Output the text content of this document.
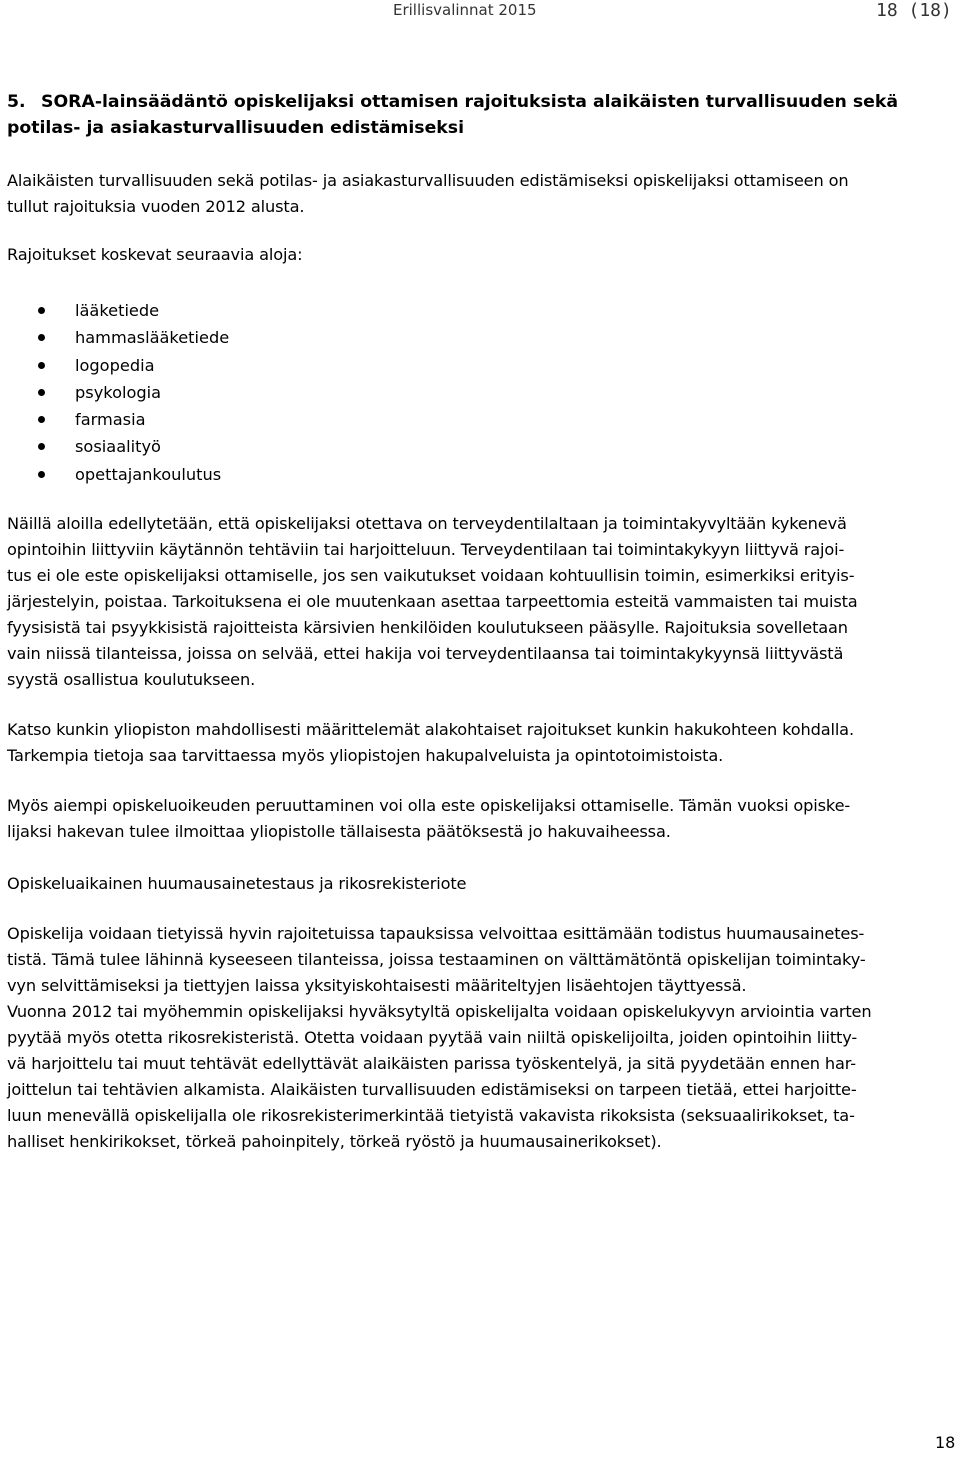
Erillisvalinnat 2015	18 (18)
5. SORA-lainsäädäntö opiskelijaksi ottamisen rajoituksista alaikäisten turvallisuuden sekä
potilas- ja asiakasturvallisuuden edistämiseksi
Alaikäisten turvallisuuden sekä potilas- ja asiakasturvallisuuden edistämiseksi opiskelijaksi ottamiseen on
tullut rajoituksia vuoden 2012 alusta.
Rajoitukset koskevat seuraavia aloja:
lääketiede
hammaslääketiede
logopedia
psykologia
farmasia
sosiaalityö
opettajankoulutus
Näillä aloilla edellytetään, että opiskelijaksi otettava on terveydentilaltaan ja toimintakyvyltään kykenevä
opintoihin liittyviin käytännön tehtäviin tai harjoitteluun. Terveydentilaan tai toimintakykyyn liittyvä rajoi-
tus ei ole este opiskelijaksi ottamiselle, jos sen vaikutukset voidaan kohtuullisin toimin, esimerkiksi erityis-
järjestelyin, poistaa. Tarkoituksena ei ole muutenkaan asettaa tarpeettomia esteitä vammaisten tai muista
fyysisistä tai psyykkisistä rajoitteista kärsivien henkilöiden koulutukseen pääsylle. Rajoituksia sovelletaan
vain niissä tilanteissa, joissa on selvää, ettei hakija voi terveydentilaansa tai toimintakykyynsä liittyvästä
syystä osallistua koulutukseen.
Katso kunkin yliopiston mahdollisesti määrittelemät alakohtaiset rajoitukset kunkin hakukohteen kohdalla.
Tarkempia tietoja saa tarvittaessa myös yliopistojen hakupalveluista ja opintotoimistoista.
Myös aiempi opiskeluoikeuden peruuttaminen voi olla este opiskelijaksi ottamiselle. Tämän vuoksi opiske-
lijaksi hakevan tulee ilmoittaa yliopistolle tällaisesta päätöksestä jo hakuvaiheessa.
Opiskeluaikainen huumausainetestaus ja rikosrekisteriote
Opiskelija voidaan tietyissä hyvin rajoitetuissa tapauksissa velvoittaa esittämään todistus huumausainetes-
tistä. Tämä tulee lähinnä kyseeseen tilanteissa, joissa testaaminen on välttämätöntä opiskelijan toimintaky-
vyn selvittämiseksi ja tiettyjen laissa yksityiskohtaisesti määriteltyjen lisäehtojen täyttyessä.
Vuonna 2012 tai myöhemmin opiskelijaksi hyväksytyltä opiskelijalta voidaan opiskelukyvyn arviointia varten
pyytää myös otetta rikosrekisteristä. Otetta voidaan pyytää vain niiltä opiskelijoilta, joiden opintoihin liitty-
vä harjoittelu tai muut tehtävät edellyttävät alaikäisten parissa työskentelyä, ja sitä pyydetään ennen har-
joittelun tai tehtävien alkamista. Alaikäisten turvallisuuden edistämiseksi on tarpeen tietää, ettei harjoitte-
luun menevällä opiskelijalla ole rikosrekisterimerkintää tietyistä vakavista rikoksista (seksuaalirikokset, ta-
halliset henkirikokset, törkeä pahoinpitely, törkeä ryöstö ja huumausainerikokset).
18
